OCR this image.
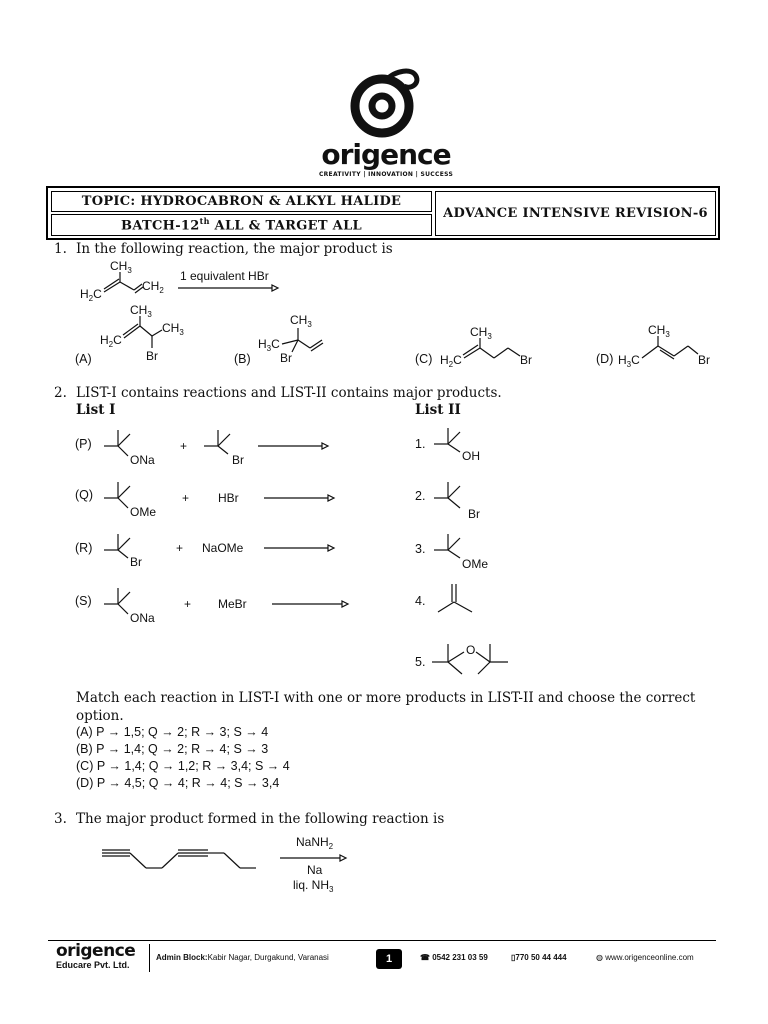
origence
CREATIVITY | INNOVATION | SUCCESS
TOPIC: HYDROCABRON & ALKYL HALIDE
BATCH-12th ALL & TARGET ALL
ADVANCE INTENSIVE REVISION-6
1. In the following reaction, the major product is
$H_2C$
$CH_3$
$CH_2$
1 equivalent HBr
(A)
$H_2C$
$CH_3$
$CH_3$
Br	(B)
$CH_3$
$H_3C$
Br	(C) $H_2C$
$CH_3$
Br	(D) $H_3C$
$CH_3$
Br
2. LIST-I contains reactions and LIST-II contains major products.
List I	List II
(P)
ONa
+
Br
(Q)
OMe
+ HBr
(R)
Br
+ NaOMe
(S)
ONa
+ MeBr
1.
OH
2.
Br
3.
OMe
4.
5.
O
Match each reaction in LIST-I with one or more products in LIST-II and choose the correct
option.
(A) P → 1,5; Q → 2; R → 3; S → 4
(B) P → 1,4; Q → 2; R → 4; S → 3
(C) P → 1,4; Q → 1,2; R → 3,4; S → 4
(D) P → 4,5; Q → 4; R → 4; S → 3,4
3. The major product formed in the following reaction is
NaNH$_2$
Na
liq. $NH_3$
origence
Educare Pvt. Ltd.
Admin Block:Kabir Nagar, Durgakund, Varanasi	1	☎ 0542 231 03 59	▯770 50 44 444	◍ www.origenceonline.com
